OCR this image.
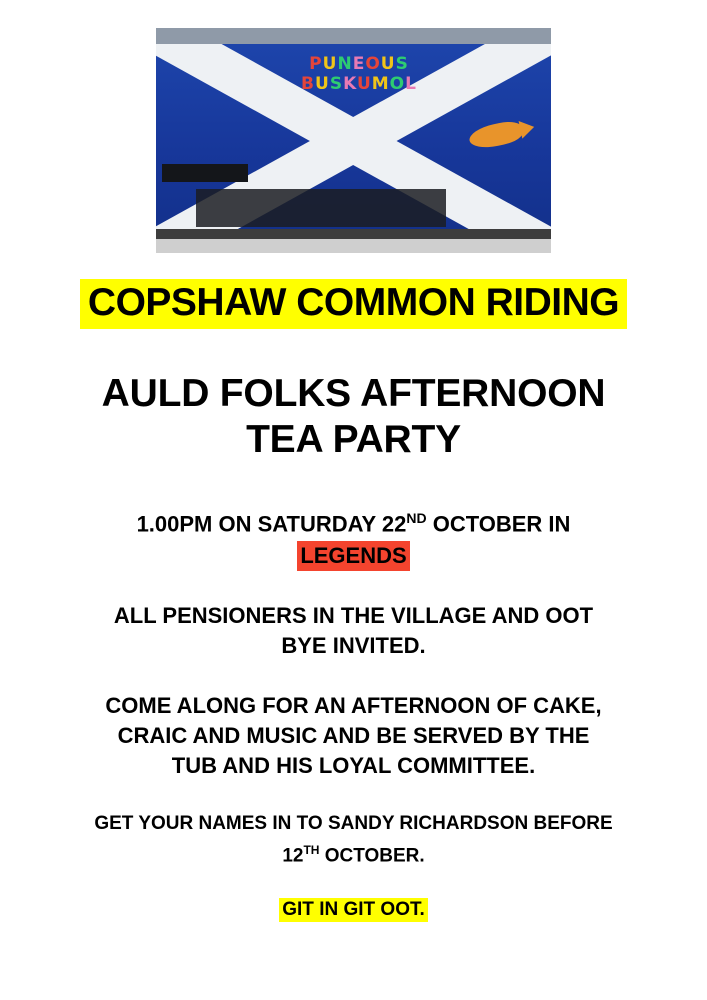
PUNEOUS
BUSKUMOL
COPSHAW COMMON RIDING
AULD FOLKS AFTERNOON
TEA PARTY
1.00PM ON SATURDAY 22ND OCTOBER IN
LEGENDS
ALL PENSIONERS IN THE VILLAGE AND OOT
BYE INVITED.
COME ALONG FOR AN AFTERNOON OF CAKE,
CRAIC AND MUSIC AND BE SERVED BY THE
TUB AND HIS LOYAL COMMITTEE.
GET YOUR NAMES IN TO SANDY RICHARDSON BEFORE
12TH OCTOBER.
GIT IN GIT OOT.
